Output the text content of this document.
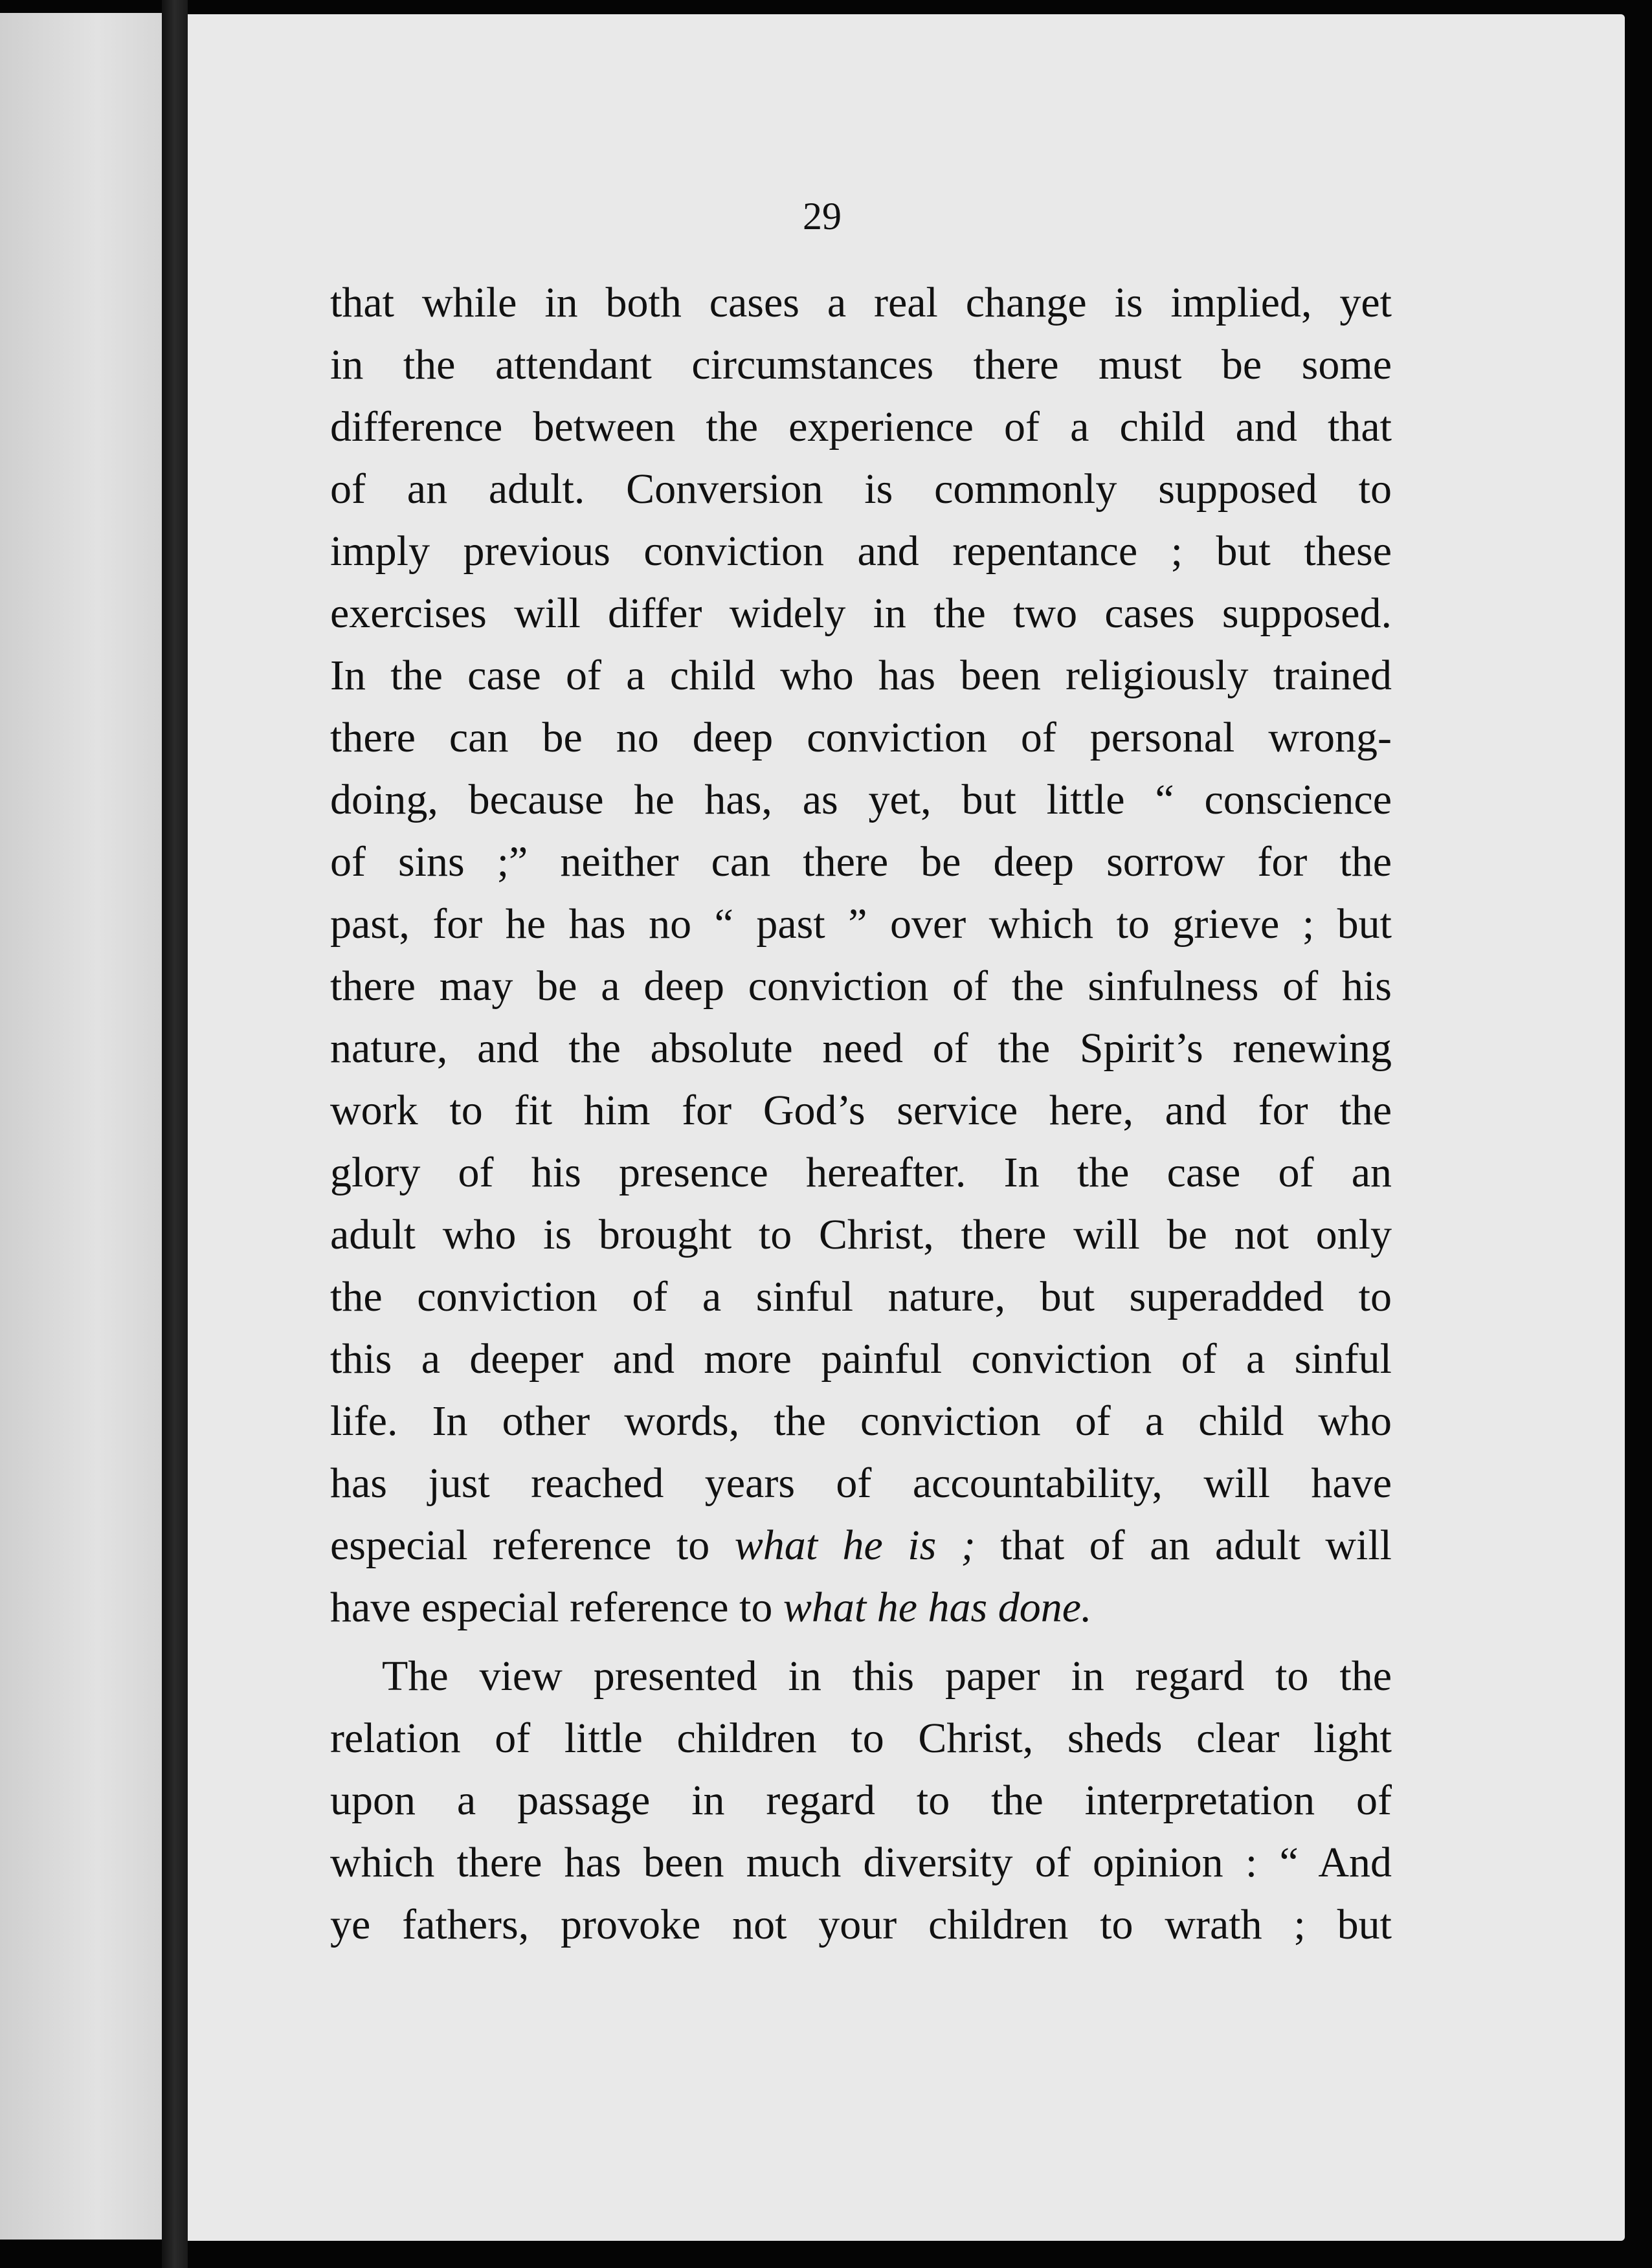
29
that while in both cases a real change is implied, yet
in the attendant circumstances there must be some
difference between the experience of a child and that
of an adult. Conversion is commonly supposed to
imply previous conviction and repentance ; but these
exercises will differ widely in the two cases supposed.
In the case of a child who has been religiously trained
there can be no deep conviction of personal wrong-
doing, because he has, as yet, but little “ conscience
of sins ;” neither can there be deep sorrow for the
past, for he has no “ past ” over which to grieve ; but
there may be a deep conviction of the sinfulness of his
nature, and the absolute need of the Spirit’s renewing
work to fit him for God’s service here, and for the
glory of his presence hereafter. In the case of an
adult who is brought to Christ, there will be not only
the conviction of a sinful nature, but superadded to
this a deeper and more painful conviction of a sinful
life. In other words, the conviction of a child who
has just reached years of accountability, will have
especial reference to what he is ; that of an adult will
have especial reference to what he has done.
The view presented in this paper in regard to the
relation of little children to Christ, sheds clear light
upon a passage in regard to the interpretation of
which there has been much diversity of opinion : “ And
ye fathers, provoke not your children to wrath ; but
